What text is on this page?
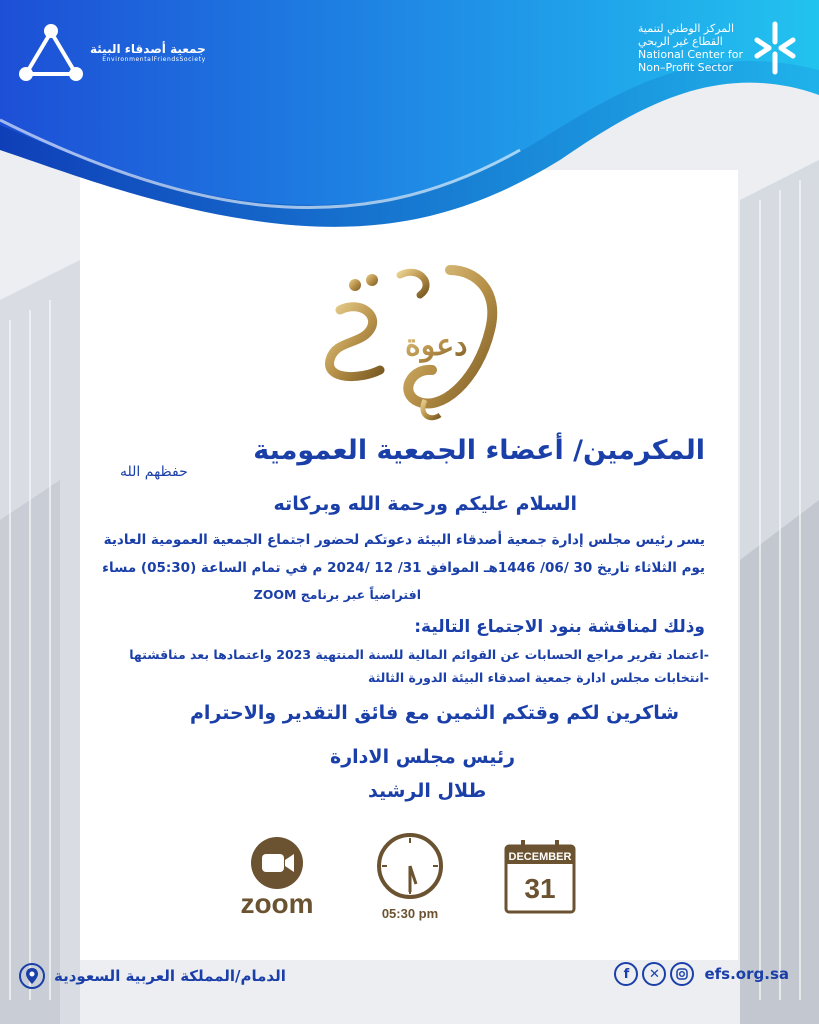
جمعية أصدقاء البيئة
EnvironmentalFriendsSociety
المركز الوطني لتنمية
القطاع غير الربحي
National Center for
Non–Profit Sector
دعوة
المكرمين/ أعضاء الجمعية العمومية
حفظهم الله
السلام عليكم ورحمة الله وبركاته
يسر رئيس مجلس إدارة جمعية أصدقاء البيئة دعوتكم لحضور اجتماع الجمعية العمومية العادية
يوم الثلاثاء تاريخ 30 /06/ 1446هـ الموافق 31/ 12 /2024 م في تمام الساعة (05:30) مساء
افتراضياً عبر برنامج ZOOM
وذلك لمناقشة بنود الاجتماع التالية:
-اعتماد تقرير مراجع الحسابات عن القوائم المالية للسنة المنتهية 2023 واعتمادها بعد مناقشتها
-انتخابات مجلس ادارة جمعية اصدقاء البيئة الدورة الثالثة
شاكرين لكم وقتكم الثمين مع فائق التقدير والاحترام
رئيس مجلس الادارة
طلال الرشيد
zoom	05:30 pm
DECEMBER
31
الدمام/المملكة العربية السعودية	f	✕	efs.org.sa
